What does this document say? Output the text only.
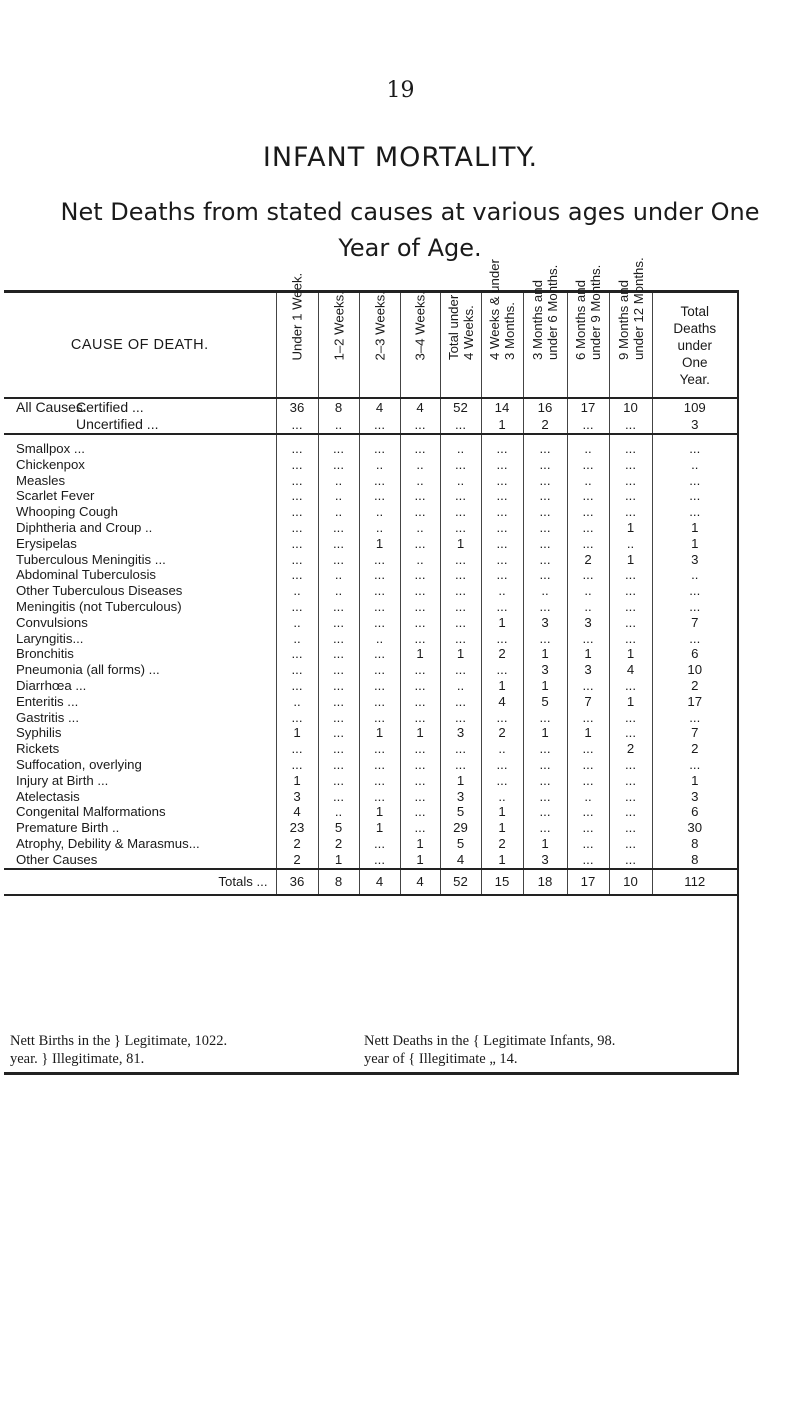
19
INFANT MORTALITY.
Net Deaths from stated causes at various ages under One Year of Age.
CAUSE OF DEATH.	Under 1 Week.	1–2 Weeks.	2–3 Weeks.	3–4 Weeks.	Total under 4 Weeks.	4 Weeks & under 3 Months.	3 Months and under 6 Months.	6 Months and under 9 Months.	9 Months and under 12 Months.	Total
Deaths
under
One
Year.
All Causes.Certified ...	36	8	4	4	52	14	16	17	10	109
Uncertified ...	...	..	...	...	...	1	2	...	...	3
Smallpox ...	...	...	...	...	..	...	...	..	...	...
Chickenpox	...	...	..	..	...	...	...	...	...	..
Measles	...	..	...	..	..	...	...	..	...	...
Scarlet Fever	...	..	...	...	...	...	...	...	...	...
Whooping Cough	...	..	..	...	...	...	...	...	...	...
Diphtheria and Croup ..	...	...	..	..	...	...	...	...	1	1
Erysipelas	...	...	1	...	1	...	...	...	..	1
Tuberculous Meningitis ...	...	...	...	..	...	...	...	2	1	3
Abdominal Tuberculosis	...	..	...	...	...	...	...	...	...	..
Other Tuberculous Diseases	..	..	...	...	...	..	..	..	...	...
Meningitis (not Tuberculous)	...	...	...	...	...	...	...	..	...	...
Convulsions	..	...	...	...	...	1	3	3	...	7
Laryngitis...	..	...	..	...	...	...	...	...	...	...
Bronchitis	...	...	...	1	1	2	1	1	1	6
Pneumonia (all forms) ...	...	...	...	...	...	...	3	3	4	10
Diarrhœa ...	...	...	...	...	..	1	1	...	...	2
Enteritis ...	..	...	...	...	...	4	5	7	1	17
Gastritis ...	...	...	...	...	...	...	...	...	...	...
Syphilis	1	...	1	1	3	2	1	1	...	7
Rickets	...	...	...	...	...	..	...	...	2	2
Suffocation, overlying	...	...	...	...	...	...	...	...	...	...
Injury at Birth ...	1	...	...	...	1	...	...	...	...	1
Atelectasis	3	...	...	...	3	..	...	..	...	3
Congenital Malformations	4	..	1	...	5	1	...	...	...	6
Premature Birth ..	23	5	1	...	29	1	...	...	...	30
Atrophy, Debility & Marasmus...	2	2	...	1	5	2	1	...	...	8
Other Causes	2	1	...	1	4	1	3	...	...	8
Totals ...	36	8	4	4	52	15	18	17	10	112
Nett Births in the } Legitimate, 1022.	Nett Deaths in the { Legitimate Infants, 98.
year. } Illegitimate, 81.	year of { Illegitimate „ 14.
